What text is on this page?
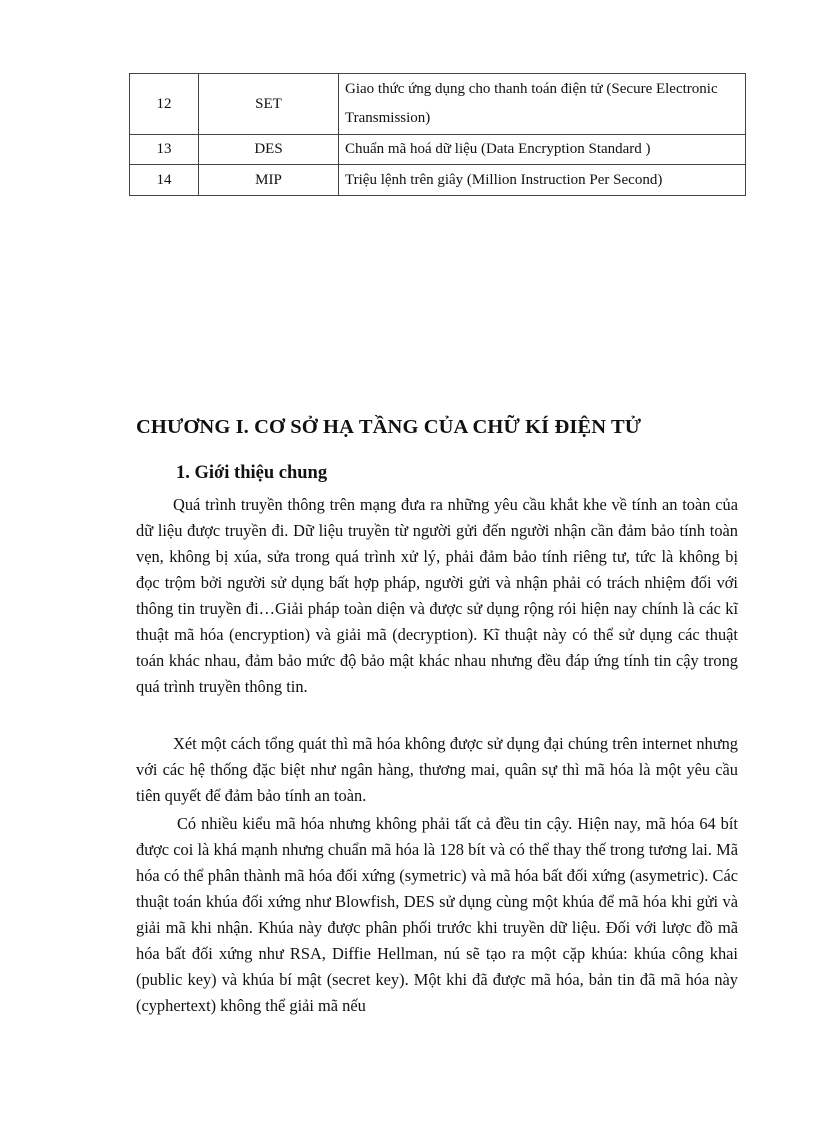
12	SET	Giao thức ứng dụng cho thanh toán điện tử (Secure Electronic Transmission)
13	DES	Chuẩn mã hoá dữ liệu (Data Encryption Standard )
14	MIP	Triệu lệnh trên giây (Million Instruction Per Second)
CHƯƠNG I. CƠ SỞ HẠ TẦNG CỦA CHỮ KÍ ĐIỆN TỬ
1. Giới thiệu chung

Quá trình truyền thông trên mạng đưa ra những yêu cầu khắt khe về tính an toàn của dữ liệu được truyền đi. Dữ liệu truyền từ người gửi đến người nhận cần đảm bảo tính toàn vẹn, không bị xúa, sửa trong quá trình xử lý, phải đảm bảo tính riêng tư, tức là không bị đọc trộm bởi người sử dụng bất hợp pháp, người gửi và nhận phải có trách nhiệm đối với thông tin truyền đi…Giải pháp toàn diện và được sử dụng rộng rói hiện nay chính là các kĩ thuật mã hóa (encryption) và giải mã (decryption). Kĩ thuật này có thể sử dụng các thuật toán khác nhau, đảm bảo mức độ bảo mật khác nhau nhưng đều đáp ứng tính tin cậy trong quá trình truyền thông tin.

Xét một cách tổng quát thì mã hóa không được sử dụng đại chúng trên internet nhưng với các hệ thống đặc biệt như ngân hàng, thương mai, quân sự thì mã hóa là một yêu cầu tiên quyết để đảm bảo tính an toàn.

Có nhiều kiểu mã hóa nhưng không phải tất cả đều tin cậy. Hiện nay, mã hóa 64 bít được coi là khá mạnh nhưng chuẩn mã hóa là 128 bít và có thể thay thế trong tương lai. Mã hóa có thể phân thành mã hóa đối xứng (symetric) và mã hóa bất đối xứng (asymetric). Các thuật toán khúa đối xứng như Blowfish, DES sử dụng cùng một khúa để mã hóa khi gửi và giải mã khi nhận. Khúa này được phân phối trước khi truyền dữ liệu. Đối với lược đồ mã hóa bất đối xứng như RSA, Diffie Hellman, nú sẽ tạo ra một cặp khúa: khúa công khai (public key) và khúa bí mật (secret key). Một khi đã được mã hóa, bản tin đã mã hóa này (cyphertext) không thể giải mã nếu
